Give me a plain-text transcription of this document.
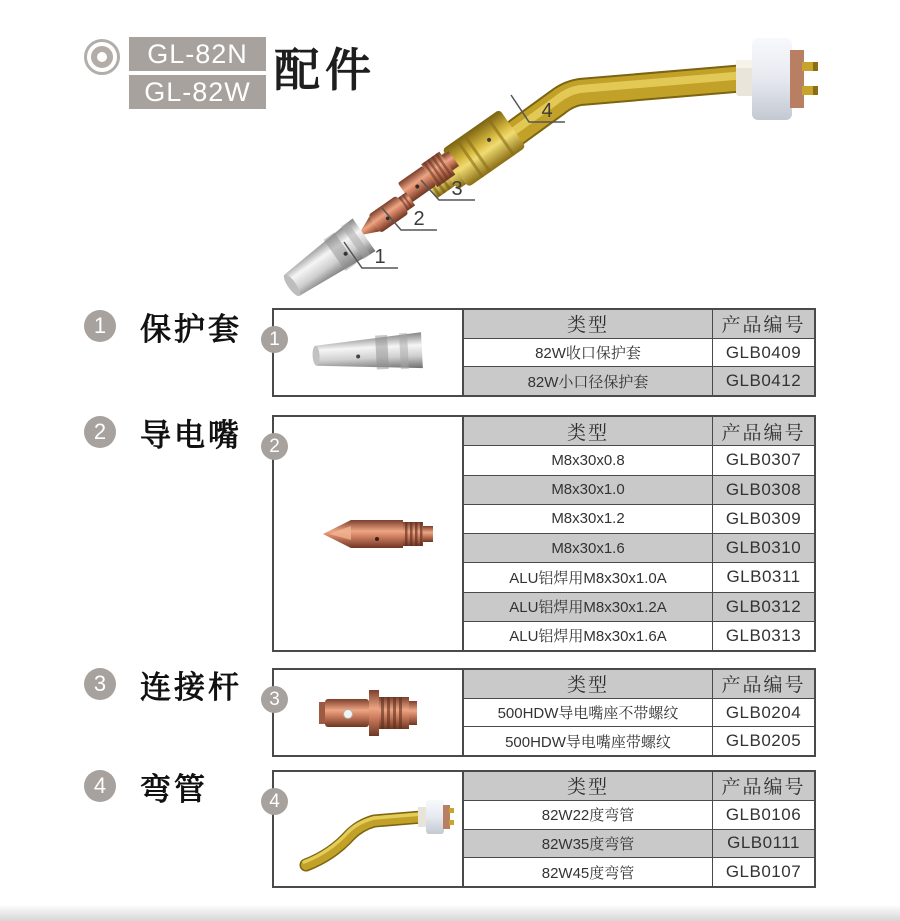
GL-82N
GL-82W 配件
1
2
3
4
1	保护套	1
类型	产品编号
82W收口保护套	GLB0409
82W小口径保护套	GLB0412
2	导电嘴	2
类型	产品编号
M8x30x0.8	GLB0307
M8x30x1.0	GLB0308
M8x30x1.2	GLB0309
M8x30x1.6	GLB0310
ALU铝焊用M8x30x1.0A	GLB0311
ALU铝焊用M8x30x1.2A	GLB0312
ALU铝焊用M8x30x1.6A	GLB0313
3	连接杆	3
类型	产品编号
500HDW导电嘴座不带螺纹	GLB0204
500HDW导电嘴座带螺纹	GLB0205
4	弯管	4
类型	产品编号
82W22度弯管	GLB0106
82W35度弯管	GLB0111
82W45度弯管	GLB0107
